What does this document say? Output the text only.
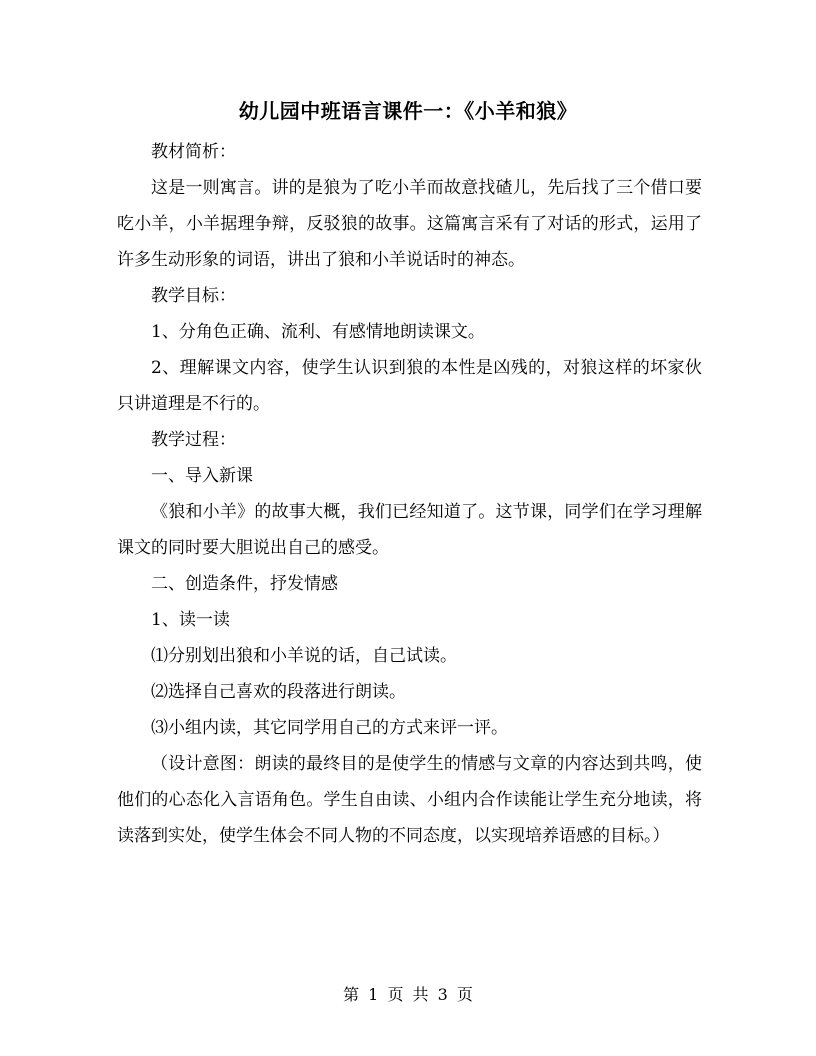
幼儿园中班语言课件一：《小羊和狼》

教材简析：

这是一则寓言。讲的是狼为了吃小羊而故意找碴儿，先后找了三个借口要吃小羊，小羊据理争辩，反驳狼的故事。这篇寓言采有了对话的形式，运用了许多生动形象的词语，讲出了狼和小羊说话时的神态。

教学目标：

1、分角色正确、流利、有感情地朗读课文。

2、理解课文内容，使学生认识到狼的本性是凶残的，对狼这样的坏家伙只讲道理是不行的。

教学过程：

一、导入新课

《狼和小羊》的故事大概，我们已经知道了。这节课，同学们在学习理解课文的同时要大胆说出自己的感受。

二、创造条件，抒发情感

1、读一读

⑴分别划出狼和小羊说的话，自己试读。

⑵选择自己喜欢的段落进行朗读。

⑶小组内读，其它同学用自己的方式来评一评。

（设计意图：朗读的最终目的是使学生的情感与文章的内容达到共鸣，使他们的心态化入言语角色。学生自由读、小组内合作读能让学生充分地读，将读落到实处，使学生体会不同人物的不同态度，以实现培养语感的目标。）

第 1 页 共 3 页
